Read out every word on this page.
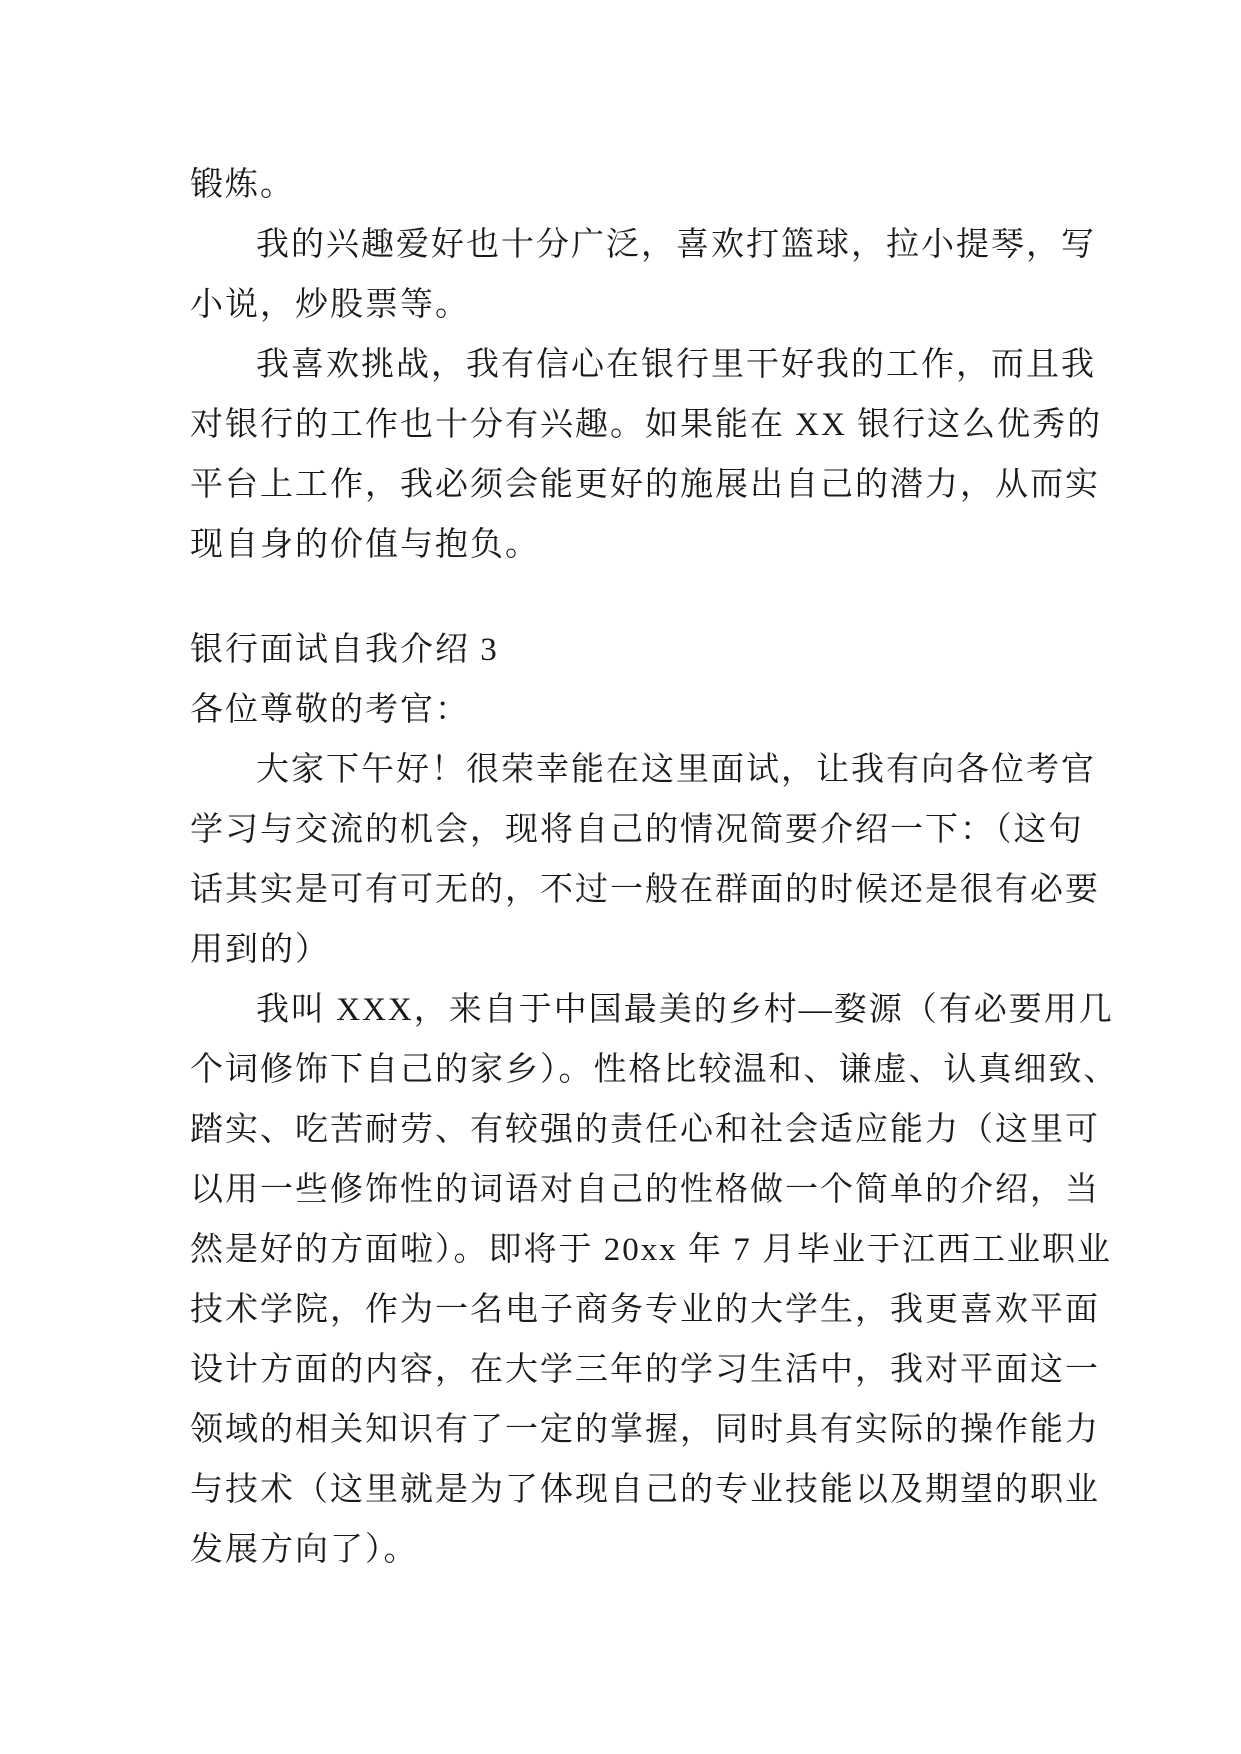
锻炼。
我的兴趣爱好也十分广泛，喜欢打篮球，拉小提琴，写
小说，炒股票等。
我喜欢挑战，我有信心在银行里干好我的工作，而且我
对银行的工作也十分有兴趣。如果能在 XX 银行这么优秀的
平台上工作，我必须会能更好的施展出自己的潜力，从而实
现自身的价值与抱负。
银行面试自我介绍 3
各位尊敬的考官：
大家下午好！很荣幸能在这里面试，让我有向各位考官
学习与交流的机会，现将自己的情况简要介绍一下：（这句
话其实是可有可无的，不过一般在群面的时候还是很有必要
用到的）
我叫 XXX，来自于中国最美的乡村—婺源（有必要用几
个词修饰下自己的家乡）。性格比较温和、谦虚、认真细致、
踏实、吃苦耐劳、有较强的责任心和社会适应能力（这里可
以用一些修饰性的词语对自己的性格做一个简单的介绍，当
然是好的方面啦）。即将于 20xx 年 7 月毕业于江西工业职业
技术学院，作为一名电子商务专业的大学生，我更喜欢平面
设计方面的内容，在大学三年的学习生活中，我对平面这一
领域的相关知识有了一定的掌握，同时具有实际的操作能力
与技术（这里就是为了体现自己的专业技能以及期望的职业
发展方向了）。
